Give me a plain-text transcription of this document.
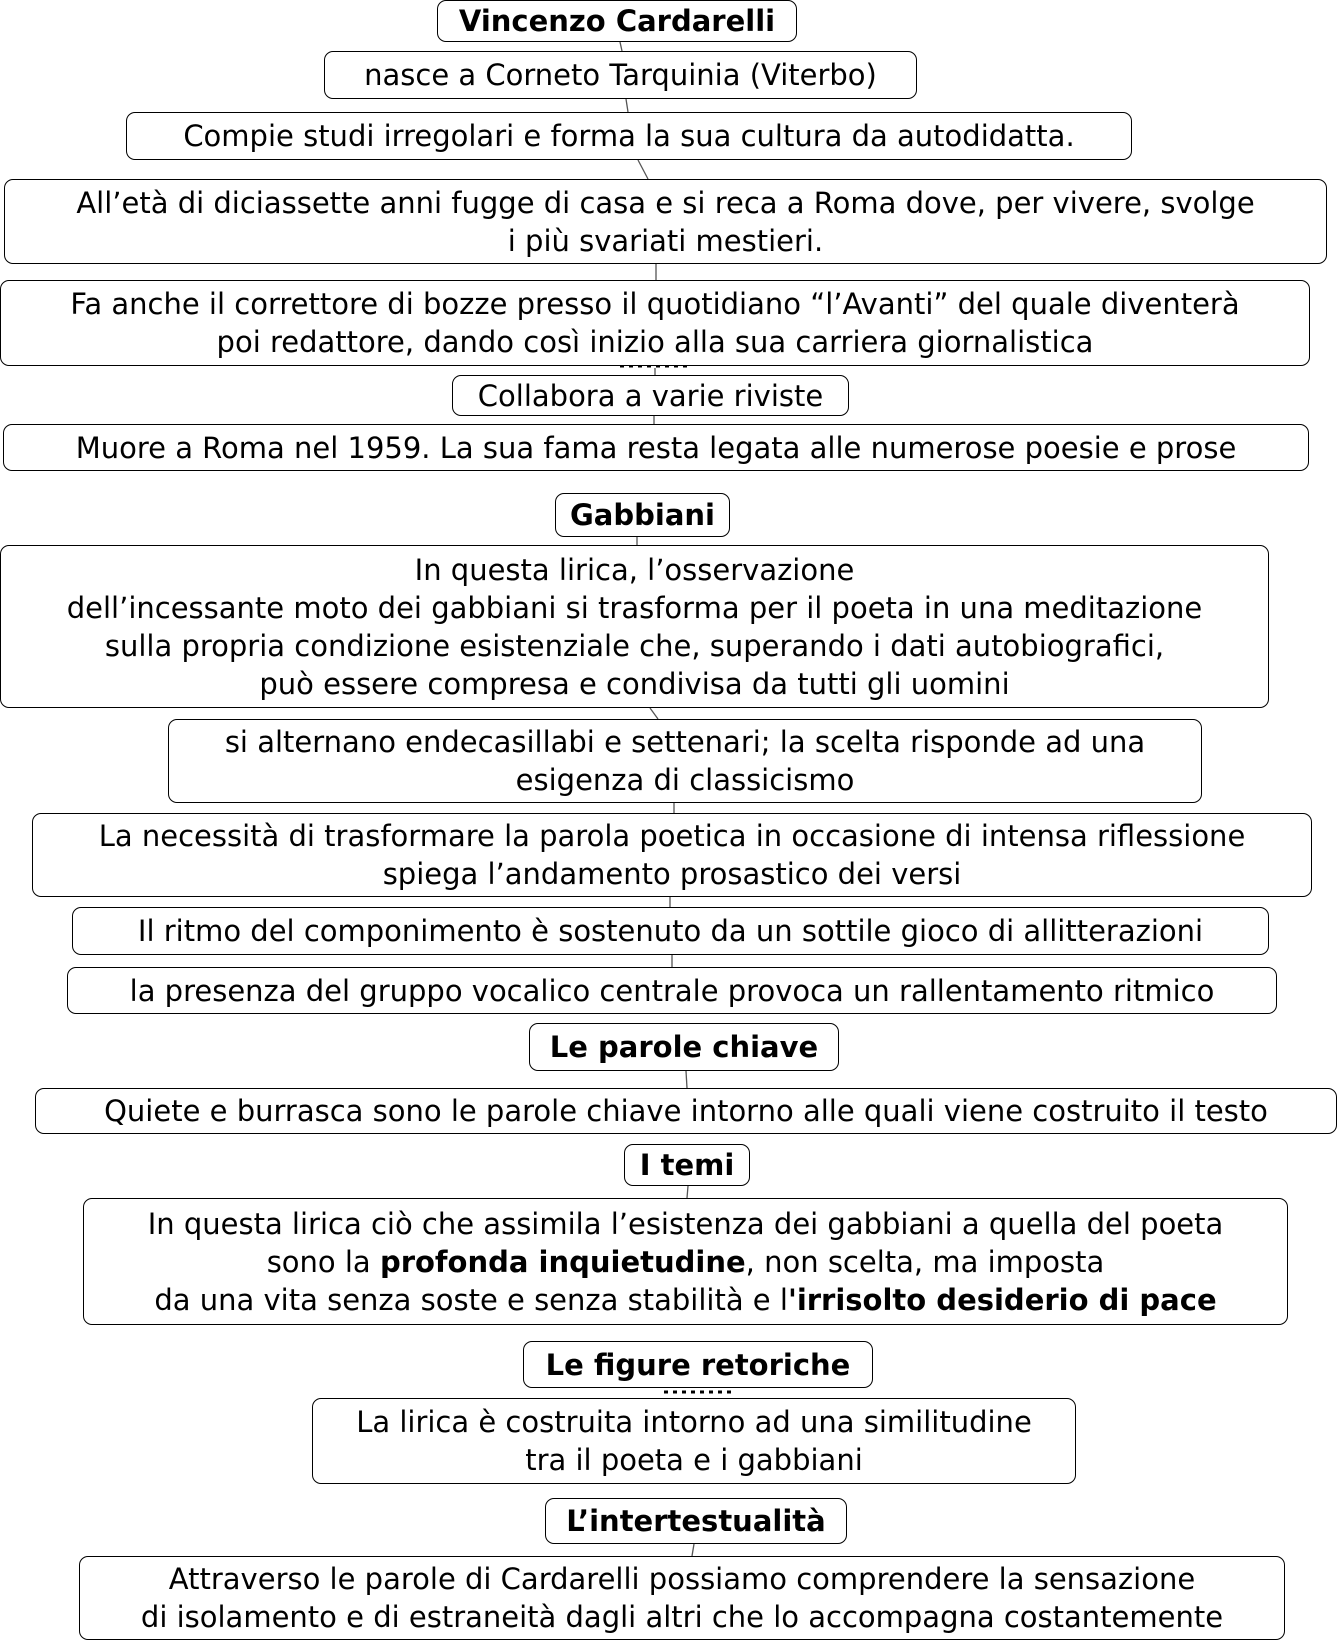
Vincenzo Cardarelli
nasce a Corneto Tarquinia (Viterbo)
Compie studi irregolari e forma la sua cultura da autodidatta.
All’età di diciassette anni fugge di casa e si reca a Roma dove, per vivere, svolge
i più svariati mestieri.
Fa anche il correttore di bozze presso il quotidiano “l’Avanti” del quale diventerà
poi redattore, dando così inizio alla sua carriera giornalistica
Collabora a varie riviste
Muore a Roma nel 1959. La sua fama resta legata alle numerose poesie e prose
Gabbiani
In questa lirica, l’osservazione
dell’incessante moto dei gabbiani si trasforma per il poeta in una meditazione
sulla propria condizione esistenziale che, superando i dati autobiografici,
può essere compresa e condivisa da tutti gli uomini
si alternano endecasillabi e settenari; la scelta risponde ad una
esigenza di classicismo
La necessità di trasformare la parola poetica in occasione di intensa riflessione
spiega l’andamento prosastico dei versi
Il ritmo del componimento è sostenuto da un sottile gioco di allitterazioni
la presenza del gruppo vocalico centrale provoca un rallentamento ritmico
Le parole chiave
Quiete e burrasca sono le parole chiave intorno alle quali viene costruito il testo
I temi
In questa lirica ciò che assimila l’esistenza dei gabbiani a quella del poeta
sono la profonda inquietudine, non scelta, ma imposta
da una vita senza soste e senza stabilità e l'irrisolto desiderio di pace
Le figure retoriche
La lirica è costruita intorno ad una similitudine
tra il poeta e i gabbiani
L’intertestualità
Attraverso le parole di Cardarelli possiamo comprendere la sensazione
di isolamento e di estraneità dagli altri che lo accompagna costantemente
